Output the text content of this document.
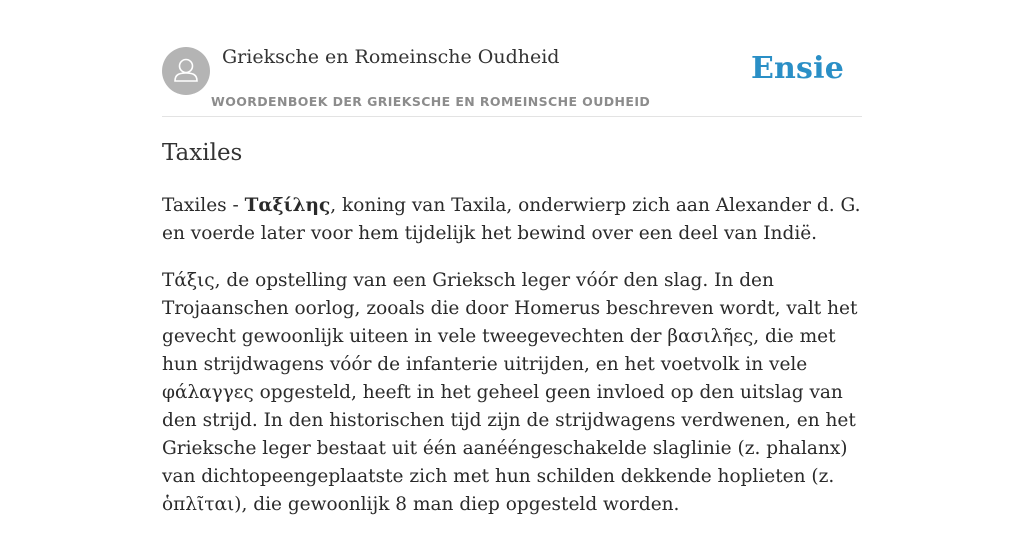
Grieksche en Romeinsche Oudheid
WOORDENBOEK DER GRIEKSCHE EN ROMEINSCHE OUDHEID
Ensie
Taxiles

Taxiles - Ταξίλης, koning van Taxila, onderwierp zich aan Alexander d. G. en voerde later voor hem tijdelijk het bewind over een deel van Indië.

Τάξις, de opstelling van een Grieksch leger vóór den slag. In den Trojaanschen oorlog, zooals die door Homerus beschreven wordt, valt het gevecht gewoonlijk uiteen in vele tweegevechten der βασιλῆες, die met hun strijdwagens vóór de infanterie uitrijden, en het voetvolk in vele φάλαγγες opgesteld, heeft in het geheel geen invloed op den uitslag van den strijd. In den historischen tijd zijn de strijdwagens verdwenen, en het Grieksche leger bestaat uit één aanééngeschakelde slaglinie (z. phalanx) van dichtopeengeplaatste zich met hun schilden dekkende hoplieten (z. ὁπλῖται), die gewoonlijk 8 man diep opgesteld worden.
